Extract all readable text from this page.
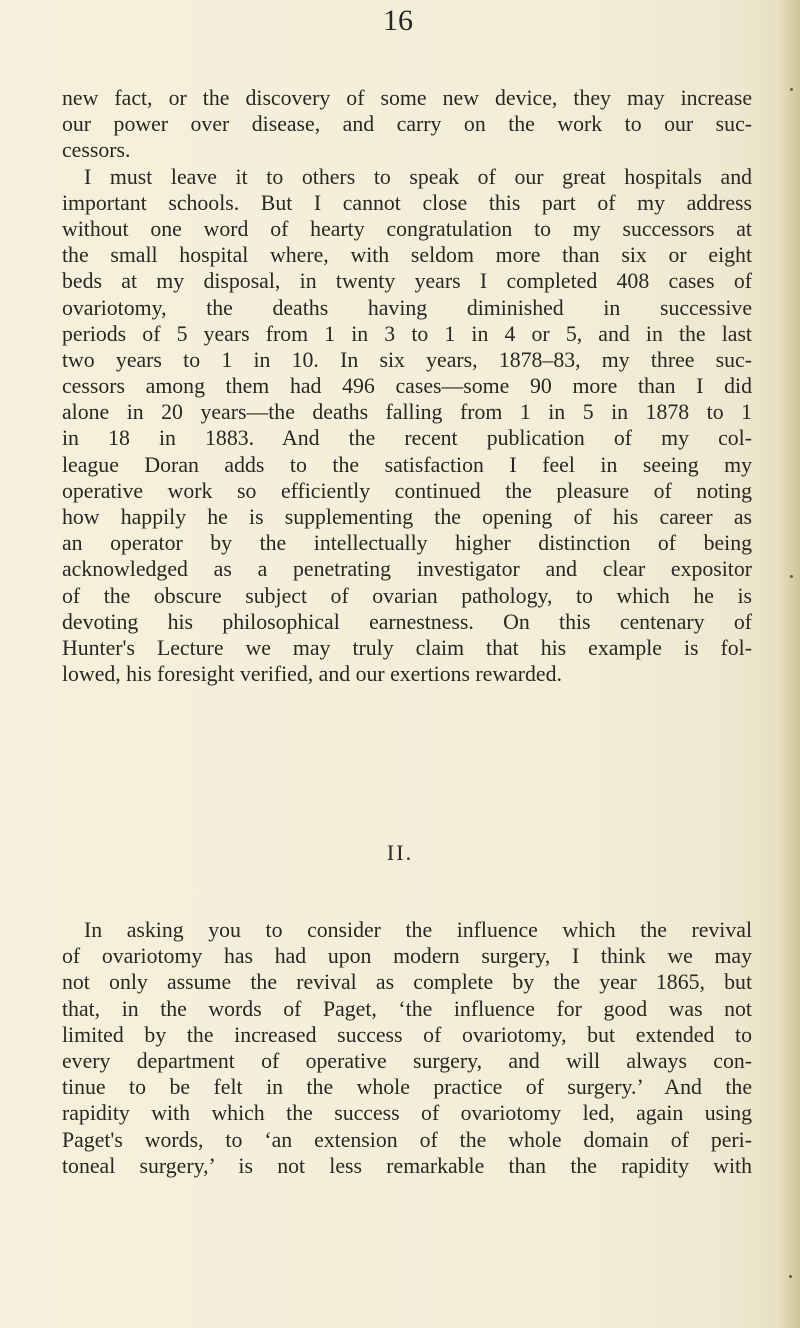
16
new fact, or the discovery of some new device, they may increase
our power over disease, and carry on the work to our suc-
cessors.
I must leave it to others to speak of our great hospitals and
important schools. But I cannot close this part of my address
without one word of hearty congratulation to my successors at
the small hospital where, with seldom more than six or eight
beds at my disposal, in twenty years I completed 408 cases of
ovariotomy, the deaths having diminished in successive
periods of 5 years from 1 in 3 to 1 in 4 or 5, and in the last
two years to 1 in 10. In six years, 1878–83, my three suc-
cessors among them had 496 cases—some 90 more than I did
alone in 20 years—the deaths falling from 1 in 5 in 1878 to 1
in 18 in 1883. And the recent publication of my col-
league Doran adds to the satisfaction I feel in seeing my
operative work so efficiently continued the pleasure of noting
how happily he is supplementing the opening of his career as
an operator by the intellectually higher distinction of being
acknowledged as a penetrating investigator and clear expositor
of the obscure subject of ovarian pathology, to which he is
devoting his philosophical earnestness. On this centenary of
Hunter's Lecture we may truly claim that his example is fol-
lowed, his foresight verified, and our exertions rewarded.
II.
In asking you to consider the influence which the revival
of ovariotomy has had upon modern surgery, I think we may
not only assume the revival as complete by the year 1865, but
that, in the words of Paget, ‘the influence for good was not
limited by the increased success of ovariotomy, but extended to
every department of operative surgery, and will always con-
tinue to be felt in the whole practice of surgery.’ And the
rapidity with which the success of ovariotomy led, again using
Paget's words, to ‘an extension of the whole domain of peri-
toneal surgery,’ is not less remarkable than the rapidity with
